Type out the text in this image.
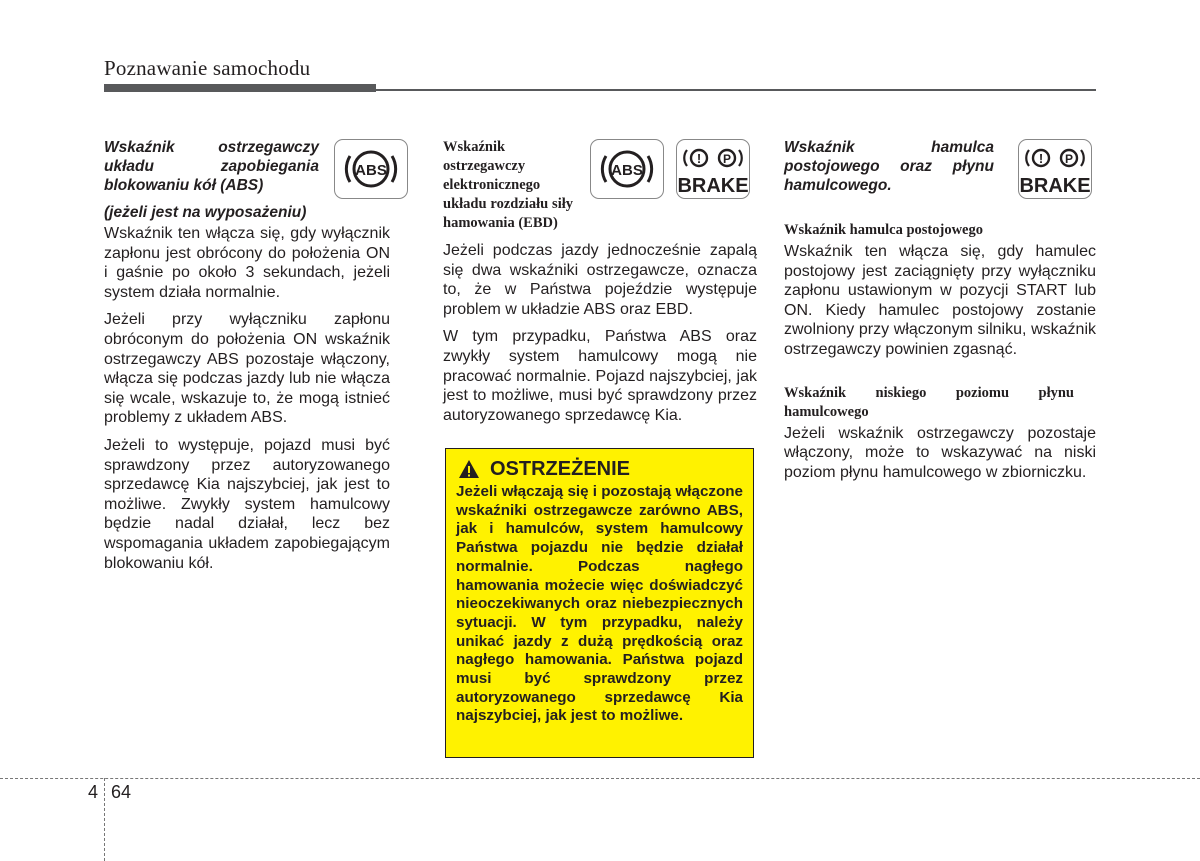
Poznawanie samochodu

Wskaźnik ostrzegawczy układu zapobiegania blokowaniu kół (ABS)

(jeżeli jest na wyposażeniu)

Wskaźnik ten włącza się, gdy wyłącznik zapłonu jest obrócony do położenia ON i gaśnie po około 3 sekundach, jeżeli system działa normalnie.

Jeżeli przy wyłączniku zapłonu obróconym do położenia ON wskaźnik ostrzegawczy ABS pozostaje włączony, włącza się podczas jazdy lub nie włącza się wcale, wskazuje to, że mogą istnieć problemy z układem ABS.

Jeżeli to występuje, pojazd musi być sprawdzony przez autoryzowanego sprzedawcę Kia najszybciej, jak jest to możliwe. Zwykły system hamulcowy będzie nadal działał, lecz bez wspomagania układem zapobiegającym blokowaniu kół.

ABS

Wskaźnik ostrzegawczy elektronicznego układu rozdziału siły hamowania (EBD)

Jeżeli podczas jazdy jednocześnie zapalą się dwa wskaźniki ostrzegawcze, oznacza to, że w Państwa pojeździe występuje problem w układzie ABS oraz EBD.

W tym przypadku, Państwa ABS oraz zwykły system hamulcowy mogą nie pracować normalnie. Pojazd najszybciej, jak jest to możliwe, musi być sprawdzony przez autoryzowanego sprzedawcę Kia.

ABS
! P
BRAKE
OSTRZEŻENIE

Jeżeli włączają się i pozostają włączone wskaźniki ostrzegawcze zarówno ABS, jak i hamulców, system hamulcowy Państwa pojazdu nie będzie działał normalnie. Podczas nagłego hamowania możecie więc doświadczyć nieoczekiwanych oraz niebezpiecznych sytuacji. W tym przypadku, należy unikać jazdy z dużą prędkością oraz nagłego hamowania. Państwa pojazd musi być sprawdzony przez autoryzowanego sprzedawcę Kia najszybciej, jak jest to możliwe.

Wskaźnik hamulca postojowego oraz płynu hamulcowego.

Wskaźnik hamulca postojowego

Wskaźnik ten włącza się, gdy hamulec postojowy jest zaciągnięty przy wyłączniku zapłonu ustawionym w pozycji START lub ON. Kiedy hamulec postojowy zostanie zwolniony przy włączonym silniku, wskaźnik ostrzegawczy powinien zgasnąć.

Wskaźnik niskiego poziomu płynu hamulcowego

Jeżeli wskaźnik ostrzegawczy pozostaje włączony, może to wskazywać na niski poziom płynu hamulcowego w zbiorniczku.

! P
BRAKE
4 64
